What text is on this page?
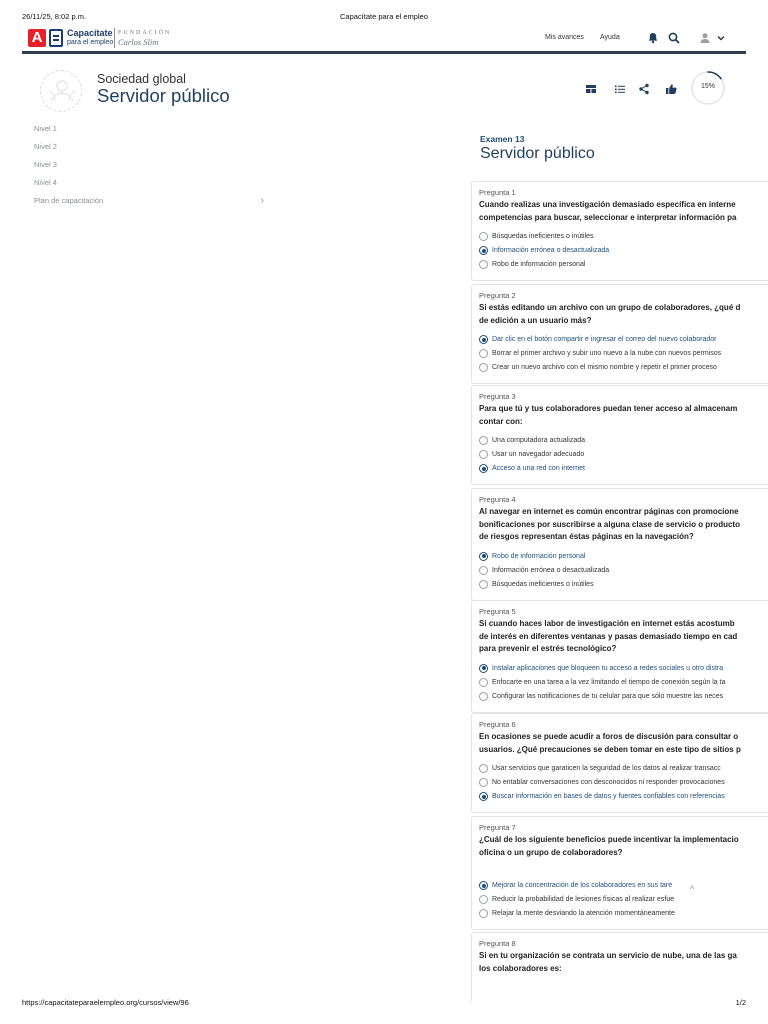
26/11/25, 8:02 p.m.	Capacítate para el empleo
A	Capacítate
para el empleo
FUNDACIÓN
Carlos Slim	Mis avances Ayuda
Sociedad global
Servidor público	15%
Nivel 1
Nivel 2
Nivel 3
Nivel 4
Plan de capacitación	›
Examen 13
Servidor público
Pregunta 1
Cuando realizas una investigación demasiado específica en interne
competencias para buscar, seleccionar e interpretar información pa
Búsquedas ineficientes o inútiles
Información errónea o desactualizada
Robo de información personal
Pregunta 2
Si estás editando un archivo con un grupo de colaboradores, ¿qué d
de edición a un usuario más?
Dar clic en el botón compartir e ingresar el correo del nuevo colaborador
Borrar el primer archivo y subir uno nuevo a la nube con nuevos permisos
Crear un nuevo archivo con el mismo nombre y repetir el primer proceso
Pregunta 3
Para que tú y tus colaboradores puedan tener acceso al almacenam
contar con:
Una computadora actualizada
Usar un navegador adecuado
Acceso a una red con internet
Pregunta 4
Al navegar en internet es común encontrar páginas con promocione
bonificaciones por suscribirse a alguna clase de servicio o producto
de riesgos representan éstas páginas en la navegación?
Robo de información personal
Información errónea o desactualizada
Búsquedas ineficientes o inútiles
Pregunta 5
Si cuando haces labor de investigación en internet estás acostumb
de interés en diferentes ventanas y pasas demasiado tiempo en cad
para prevenir el estrés tecnológico?
Instalar aplicaciones que bloqueen tu acceso a redes sociales u otro distra
Enfocarte en una tarea a la vez limitando el tiempo de conexión según la ta
Configurar las notificaciones de tu celular para que sólo muestre las neces
Pregunta 6
En ocasiones se puede acudir a foros de discusión para consultar o
usuarios. ¿Qué precauciones se deben tomar en este tipo de sitios p
Usar servicios que garaticen la seguridad de los datos al realizar transacc
No entablar conversaciones con desconocidos ni responder provocaciones
Buscar información en bases de datos y fuentes confiables con referencias
Pregunta 7
¿Cuál de los siguiente beneficios puede incentivar la implementacio
oficina o un grupo de colaboradores?
Mejorar la concentración de los colaboradores en sus tare
Reducir la probabilidad de lesiones físicas al realizar esfue
Relajar la mente desviando la atención momentáneamente
Pregunta 8
Si en tu organización se contrata un servicio de nube, una de las ga
los colaboradores es:
^
https://capacitateparaelempleo.org/cursos/view/96	1/2
